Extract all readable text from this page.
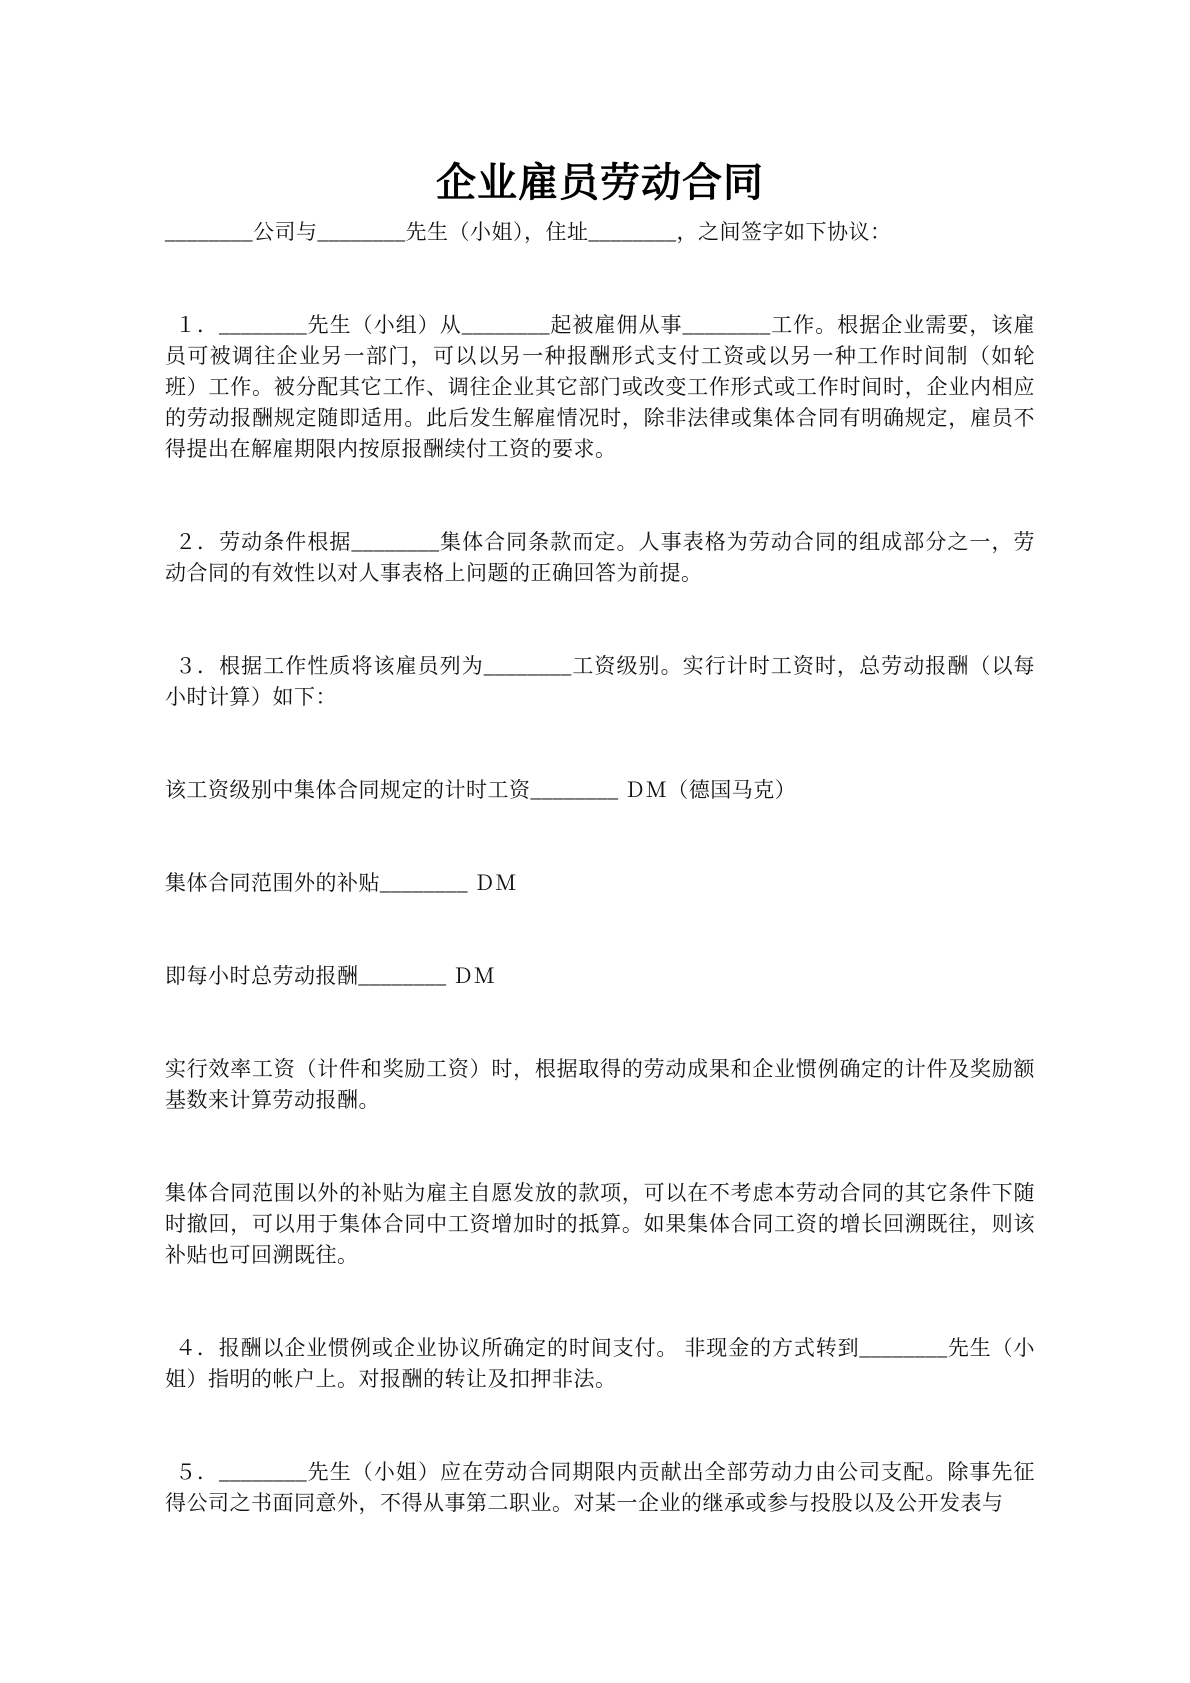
企业雇员劳动合同

________公司与________先生（小姐），住址________，之间签字如下协议：

１．________先生（小组）从________起被雇佣从事________工作。根据企业需要，该雇员可被调往企业另一部门，可以以另一种报酬形式支付工资或以另一种工作时间制（如轮班）工作。被分配其它工作、调往企业其它部门或改变工作形式或工作时间时，企业内相应的劳动报酬规定随即适用。此后发生解雇情况时，除非法律或集体合同有明确规定，雇员不得提出在解雇期限内按原报酬续付工资的要求。

２．劳动条件根据________集体合同条款而定。人事表格为劳动合同的组成部分之一，劳动合同的有效性以对人事表格上问题的正确回答为前提。

３．根据工作性质将该雇员列为________工资级别。实行计时工资时，总劳动报酬（以每小时计算）如下：

该工资级别中集体合同规定的计时工资________ ＤＭ（德国马克）

集体合同范围外的补贴________ ＤＭ

即每小时总劳动报酬________ ＤＭ

实行效率工资（计件和奖励工资）时，根据取得的劳动成果和企业惯例确定的计件及奖励额基数来计算劳动报酬。

集体合同范围以外的补贴为雇主自愿发放的款项，可以在不考虑本劳动合同的其它条件下随时撤回，可以用于集体合同中工资增加时的抵算。如果集体合同工资的增长回溯既往，则该补贴也可回溯既往。

４．报酬以企业惯例或企业协议所确定的时间支付。 非现金的方式转到________先生（小姐）指明的帐户上。对报酬的转让及扣押非法。

５．________先生（小姐）应在劳动合同期限内贡献出全部劳动力由公司支配。除事先征得公司之书面同意外，不得从事第二职业。对某一企业的继承或参与投股以及公开发表与
